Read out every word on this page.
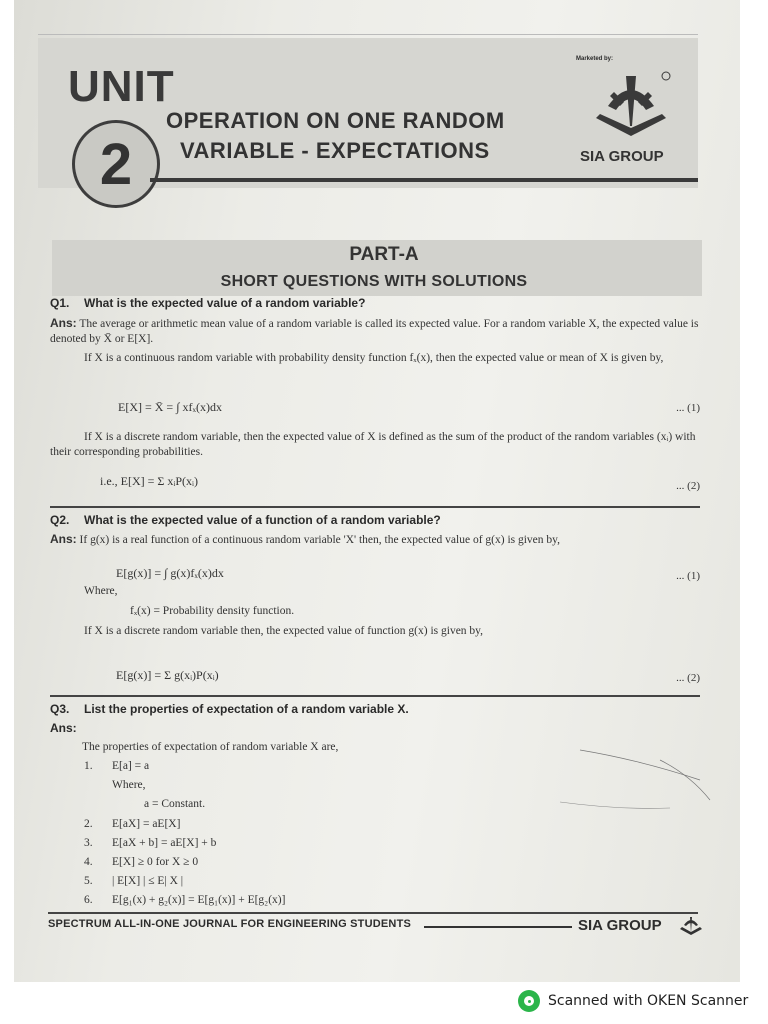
UNIT
2
OPERATION ON ONE RANDOM
VARIABLE - EXPECTATIONS
Marketed by:
SIA GROUP
PART-A
SHORT QUESTIONS WITH SOLUTIONS
Q1. What is the expected value of a random variable?
Ans: The average or arithmetic mean value of a random variable is called its expected value. For a random variable X, the expected value is denoted by X̄ or E[X].
If X is a continuous random variable with probability density function fₓ(x), then the expected value or mean of X is given by,
E[X] = X̄ = ∫ xfₓ(x)dx	... (1)
If X is a discrete random variable, then the expected value of X is defined as the sum of the product of the random variables (xᵢ) with their corresponding probabilities.
i.e., E[X] = Σ xᵢP(xᵢ)	... (2)
Q2. What is the expected value of a function of a random variable?
Ans: If g(x) is a real function of a continuous random variable 'X' then, the expected value of g(x) is given by,
E[g(x)] = ∫ g(x)fₓ(x)dx	... (1)
Where,
fₓ(x) = Probability density function.
If X is a discrete random variable then, the expected value of function g(x) is given by,
E[g(x)] = Σ g(xᵢ)P(xᵢ)	... (2)
Q3. List the properties of expectation of a random variable X.
Ans:
The properties of expectation of random variable X are,
1. E[a] = a
Where,
a = Constant.
2. E[aX] = aE[X]
3. E[aX + b] = aE[X] + b
4. E[X] ≥ 0 for X ≥ 0
5. | E[X] | ≤ E| X |
6. E[g₁(x) + g₂(x)] = E[g₁(x)] + E[g₂(x)]
SPECTRUM ALL-IN-ONE JOURNAL FOR ENGINEERING STUDENTS	SIA GROUP
Scanned with OKEN Scanner
